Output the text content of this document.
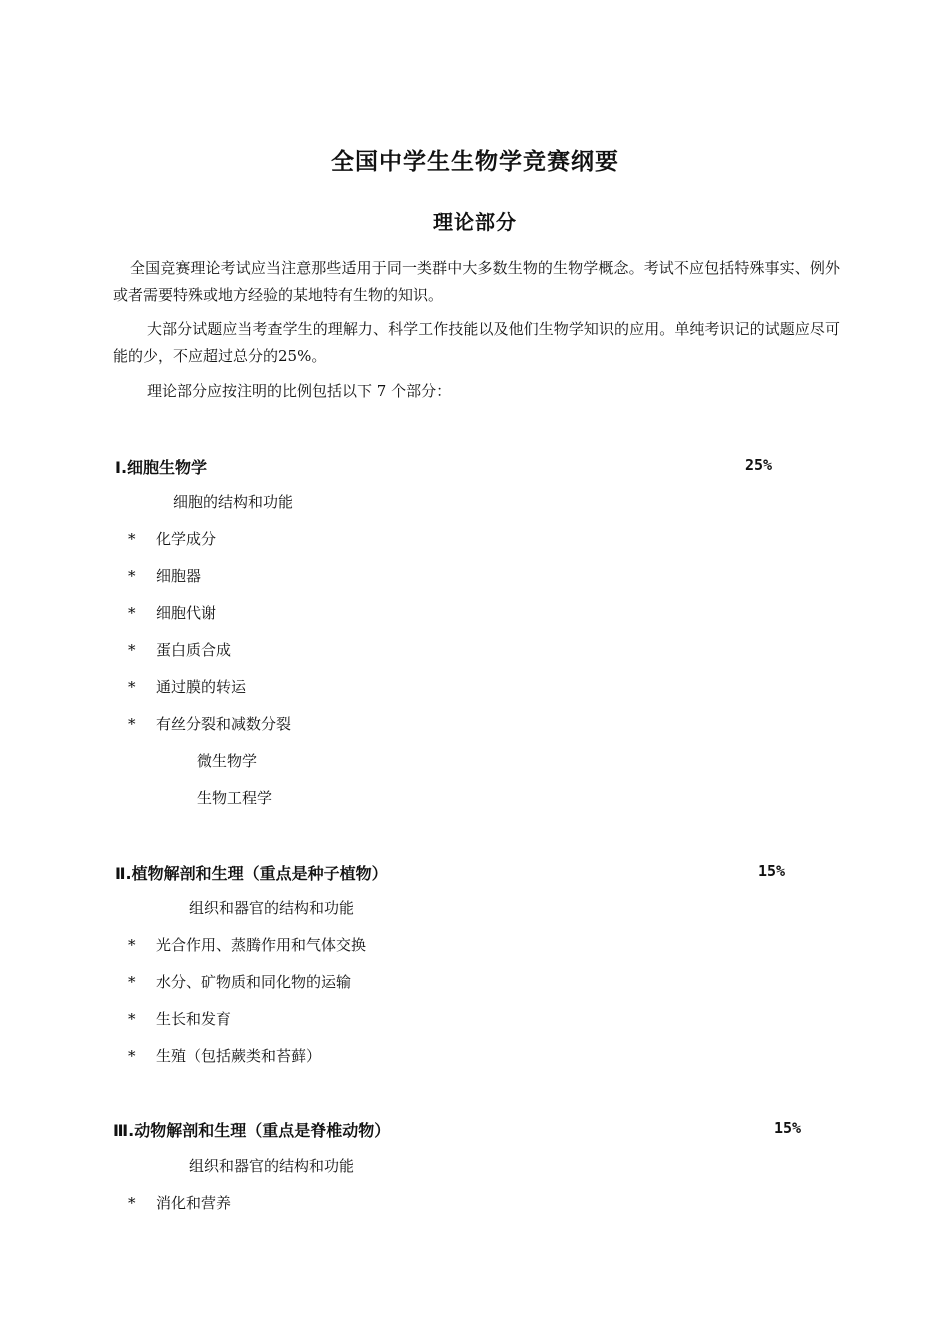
全国中学生生物学竞赛纲要
理论部分
全国竞赛理论考试应当注意那些适用于同一类群中大多数生物的生物学概念。考试不应包括特殊事实、例外或者需要特殊或地方经验的某地特有生物的知识。
大部分试题应当考查学生的理解力、科学工作技能以及他们生物学知识的应用。单纯考识记的试题应尽可能的少，不应超过总分的25%。
理论部分应按注明的比例包括以下 7 个部分：
Ⅰ.细胞生物学	25%
细胞的结构和功能
* 化学成分
* 细胞器
* 细胞代谢
* 蛋白质合成
* 通过膜的转运
* 有丝分裂和减数分裂
微生物学
生物工程学
Ⅱ.植物解剖和生理（重点是种子植物）	15%
组织和器官的结构和功能
* 光合作用、蒸腾作用和气体交换
* 水分、矿物质和同化物的运输
* 生长和发育
* 生殖（包括蕨类和苔藓）
Ⅲ.动物解剖和生理（重点是脊椎动物）	15%
组织和器官的结构和功能
* 消化和营养
